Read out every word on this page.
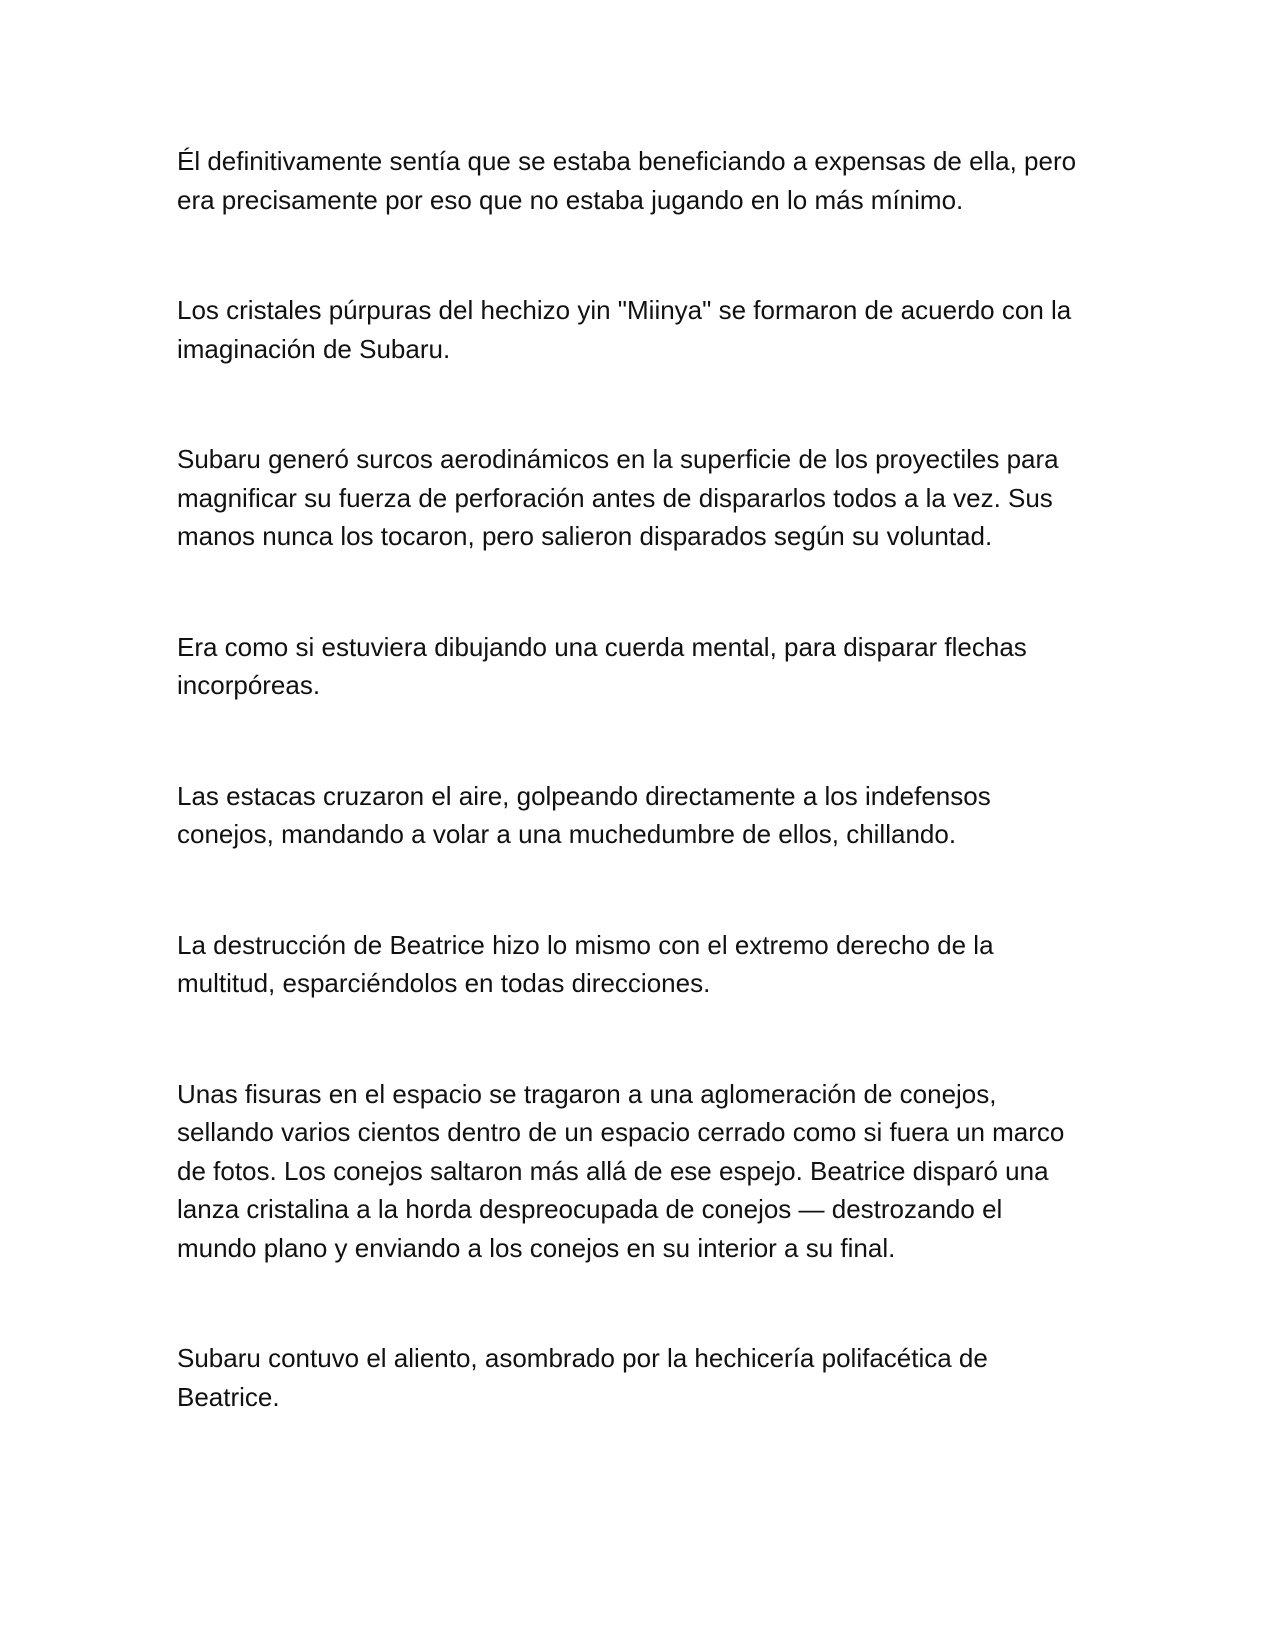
Él definitivamente sentía que se estaba beneficiando a expensas de ella, pero
era precisamente por eso que no estaba jugando en lo más mínimo.

Los cristales púrpuras del hechizo yin "Miinya" se formaron de acuerdo con la
imaginación de Subaru.

Subaru generó surcos aerodinámicos en la superficie de los proyectiles para
magnificar su fuerza de perforación antes de dispararlos todos a la vez. Sus
manos nunca los tocaron, pero salieron disparados según su voluntad.

Era como si estuviera dibujando una cuerda mental, para disparar flechas
incorpóreas.

Las estacas cruzaron el aire, golpeando directamente a los indefensos
conejos, mandando a volar a una muchedumbre de ellos, chillando.

La destrucción de Beatrice hizo lo mismo con el extremo derecho de la
multitud, esparciéndolos en todas direcciones.

Unas fisuras en el espacio se tragaron a una aglomeración de conejos,
sellando varios cientos dentro de un espacio cerrado como si fuera un marco
de fotos. Los conejos saltaron más allá de ese espejo. Beatrice disparó una
lanza cristalina a la horda despreocupada de conejos — destrozando el
mundo plano y enviando a los conejos en su interior a su final.

Subaru contuvo el aliento, asombrado por la hechicería polifacética de
Beatrice.
